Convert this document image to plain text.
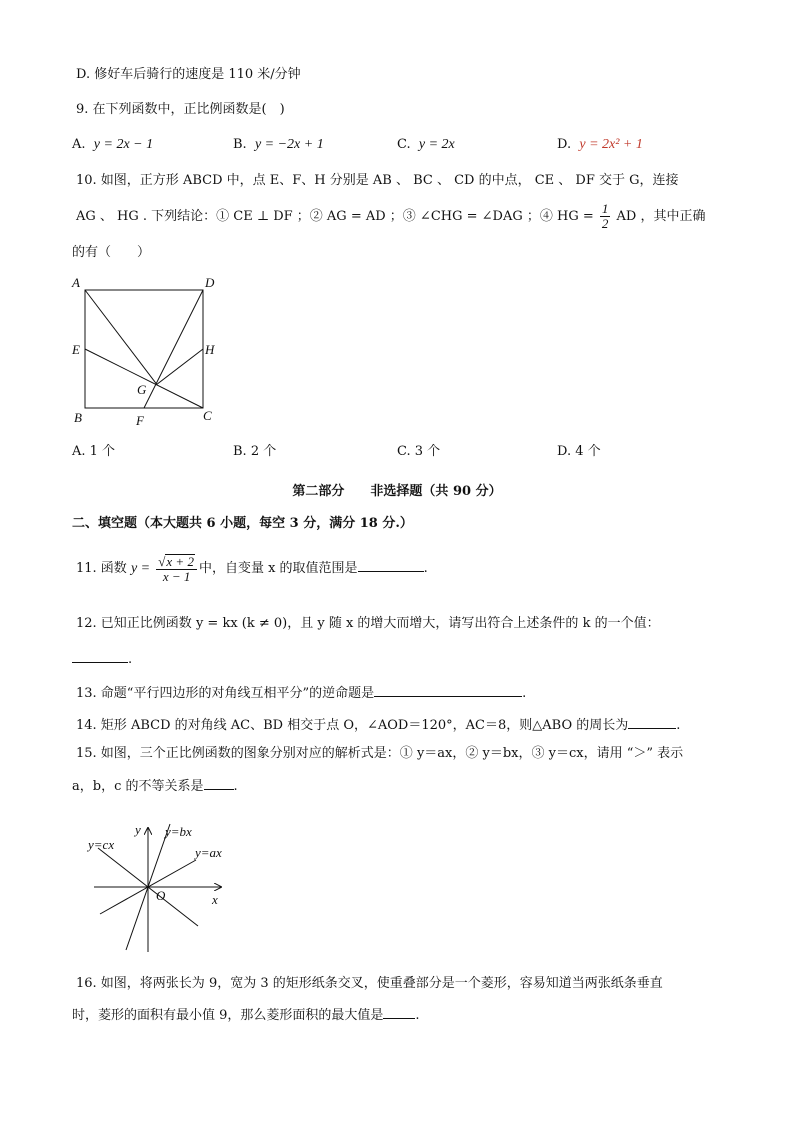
D. 修好车后骑行的速度是 110 米/分钟
9. 在下列函数中，正比例函数是(　)
A. y = 2x − 1	B. y = −2x + 1	C. y = 2x	D. y = 2x² + 1
10. 如图，正方形 ABCD 中，点 E、F、H 分别是 AB 、 BC 、 CD 的中点， CE 、 DF 交于 G，连接
AG 、 HG . 下列结论：① CE ⊥ DF ；② AG = AD ；③ ∠CHG = ∠DAG ；④ HG = $\frac{1}{2}$ AD ，其中正确
的有（　　）
A	D
E	H
G
B	F	C
A. 1 个	B. 2 个	C. 3 个	D. 4 个
第二部分　　非选择题（共 90 分）
二、填空题（本大题共 6 小题，每空 3 分，满分 18 分.）
11. 函数 $y = \frac{√x + 2}{x - 1}$ 中，自变量 x 的取值范围是	.
12. 已知正比例函数 y = kx (k ≠ 0)，且 y 随 x 的增大而增大，请写出符合上述条件的 k 的一个值：
.
13. 命题“平行四边形的对角线互相平分”的逆命题是	.
14. 矩形 ABCD 的对角线 AC、BD 相交于点 O，∠AOD＝120°，AC＝8，则△ABO 的周长为	.
15. 如图，三个正比例函数的图象分别对应的解析式是：① y＝ax，② y＝bx，③ y＝cx，请用 “＞” 表示
a，b，c 的不等关系是 .
y
x
O
y=bx
y=ax
y=cx
16. 如图，将两张长为 9，宽为 3 的矩形纸条交叉，使重叠部分是一个菱形，容易知道当两张纸条垂直
时，菱形的面积有最小值 9，那么菱形面积的最大值是 .
